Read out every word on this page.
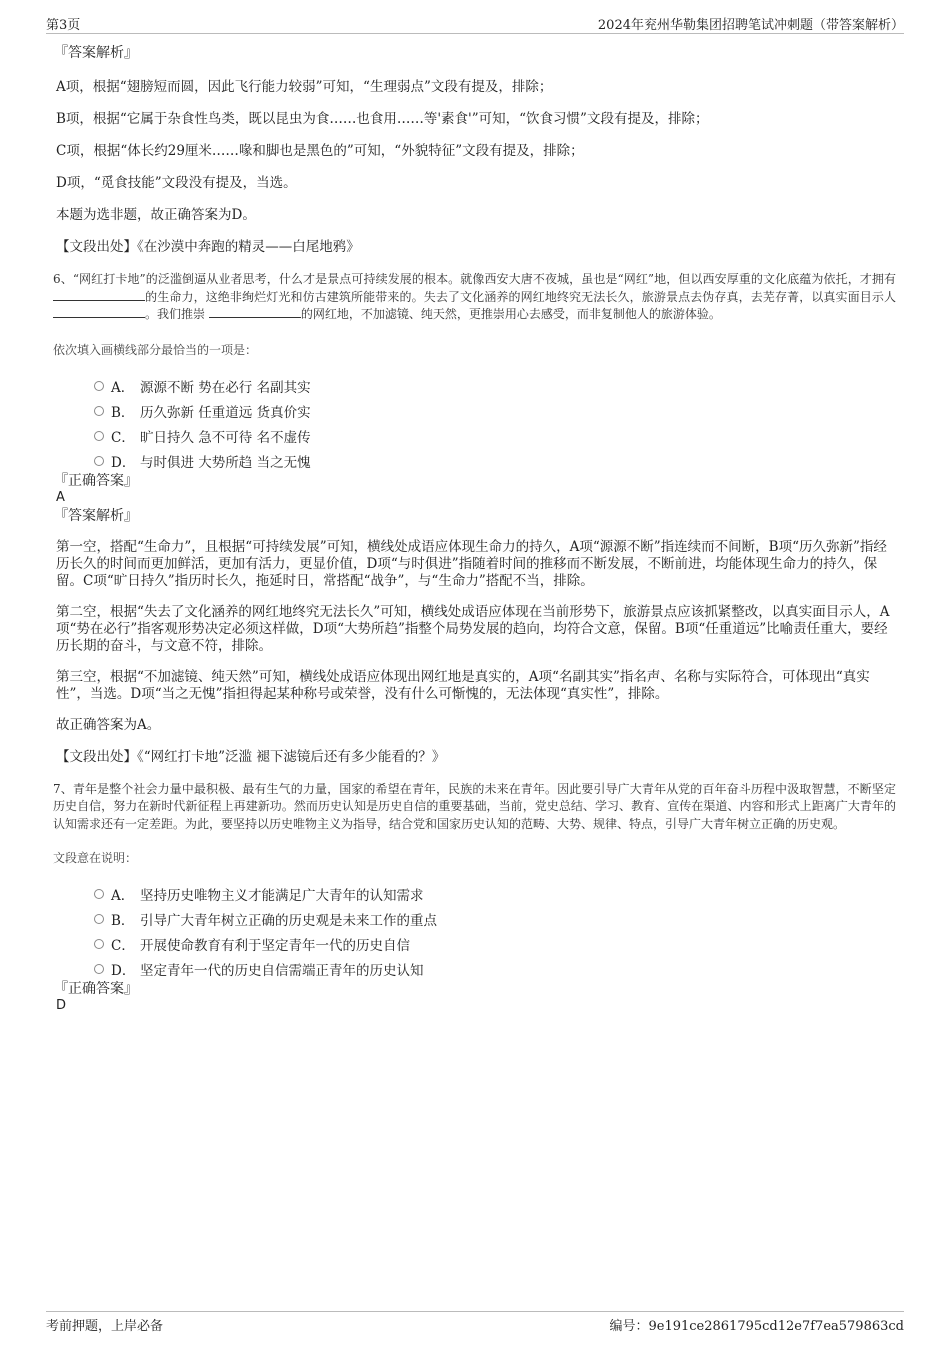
第3页	2024年兖州华勒集团招聘笔试冲刺题（带答案解析）

『答案解析』

A项，根据“翅膀短而圆，因此飞行能力较弱”可知，“生理弱点”文段有提及，排除；

B项，根据“它属于杂食性鸟类，既以昆虫为食……也食用……等'素食'”可知，“饮食习惯”文段有提及，排除；

C项，根据“体长约29厘米……喙和脚也是黑色的”可知，“外貌特征”文段有提及，排除；

D项，“觅食技能”文段没有提及，当选。

本题为选非题，故正确答案为D。

【文段出处】《在沙漠中奔跑的精灵——白尾地鸦》

6、“网红打卡地”的泛滥倒逼从业者思考，什么才是景点可持续发展的根本。就像西安大唐不夜城，虽也是“网红”地，但以西安厚重的文化底蕴为依托，才拥有 的生命力，这绝非绚烂灯光和仿古建筑所能带来的。失去了文化涵养的网红地终究无法长久，旅游景点去伪存真，去芜存菁，以真实面目示人 。我们推崇	的网红地，不加滤镜、纯天然，更推崇用心去感受，而非复制他人的旅游体验。

依次填入画横线部分最恰当的一项是：

A． 源源不断 势在必行 名副其实
B． 历久弥新 任重道远 货真价实
C． 旷日持久 急不可待 名不虚传
D． 与时俱进 大势所趋 当之无愧

『正确答案』

A

『答案解析』

第一空，搭配“生命力”，且根据“可持续发展”可知，横线处成语应体现生命力的持久，A项“源源不断”指连续而不间断，B项“历久弥新”指经历长久的时间而更加鲜活，更加有活力，更显价值，D项“与时俱进”指随着时间的推移而不断发展，不断前进，均能体现生命力的持久，保留。C项“旷日持久”指历时长久，拖延时日，常搭配“战争”，与“生命力”搭配不当，排除。

第二空，根据“失去了文化涵养的网红地终究无法长久”可知，横线处成语应体现在当前形势下，旅游景点应该抓紧整改，以真实面目示人，A项“势在必行”指客观形势决定必须这样做，D项“大势所趋”指整个局势发展的趋向，均符合文意，保留。B项“任重道远”比喻责任重大，要经历长期的奋斗，与文意不符，排除。

第三空，根据“不加滤镜、纯天然”可知，横线处成语应体现出网红地是真实的，A项“名副其实”指名声、名称与实际符合，可体现出“真实性”，当选。D项“当之无愧”指担得起某种称号或荣誉，没有什么可惭愧的，无法体现“真实性”，排除。

故正确答案为A。

【文段出处】《“网红打卡地”泛滥 褪下滤镜后还有多少能看的？》

7、青年是整个社会力量中最积极、最有生气的力量，国家的希望在青年，民族的未来在青年。因此要引导广大青年从党的百年奋斗历程中汲取智慧，不断坚定历史自信，努力在新时代新征程上再建新功。然而历史认知是历史自信的重要基础，当前，党史总结、学习、教育、宣传在渠道、内容和形式上距离广大青年的认知需求还有一定差距。为此，要坚持以历史唯物主义为指导，结合党和国家历史认知的范畴、大势、规律、特点，引导广大青年树立正确的历史观。

文段意在说明：

A． 坚持历史唯物主义才能满足广大青年的认知需求
B． 引导广大青年树立正确的历史观是未来工作的重点
C． 开展使命教育有利于坚定青年一代的历史自信
D． 坚定青年一代的历史自信需端正青年的历史认知

『正确答案』

D

考前押题，上岸必备	编号：9e191ce2861795cd12e7f7ea579863cd
